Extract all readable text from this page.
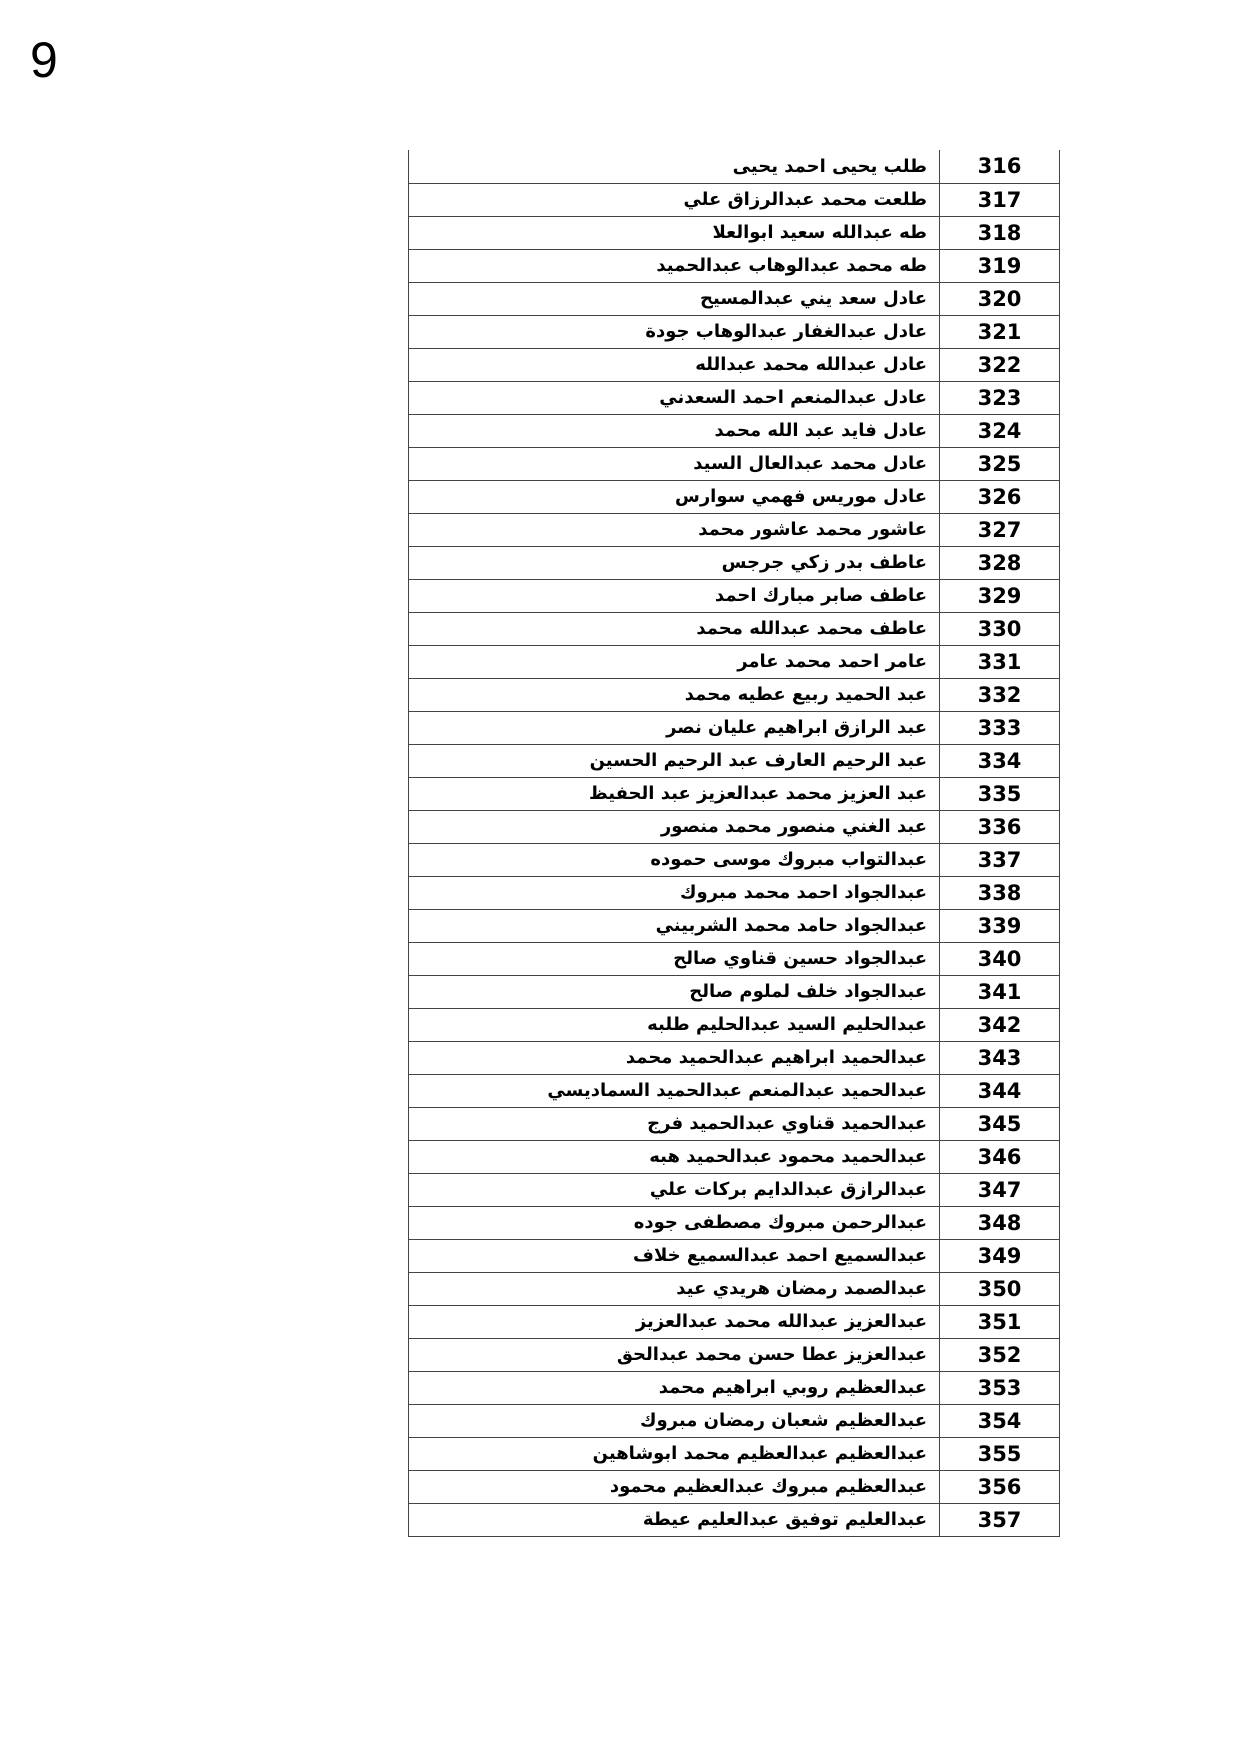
9
316	طلب يحيى احمد يحيى
317	طلعت محمد عبدالرزاق علي
318	طه عبدالله سعيد ابوالعلا
319	طه محمد عبدالوهاب عبدالحميد
320	عادل سعد يني عبدالمسيح
321	عادل عبدالغفار عبدالوهاب جودة
322	عادل عبدالله محمد عبدالله
323	عادل عبدالمنعم احمد السعدني
324	عادل فايد عبد الله محمد
325	عادل محمد عبدالعال السيد
326	عادل موريس فهمي سوارس
327	عاشور محمد عاشور محمد
328	عاطف بدر زكي جرجس
329	عاطف صابر مبارك احمد
330	عاطف محمد عبدالله محمد
331	عامر احمد محمد عامر
332	عبد الحميد ربيع عطيه محمد
333	عبد الرازق ابراهيم عليان نصر
334	عبد الرحيم العارف عبد الرحيم الحسين
335	عبد العزيز محمد عبدالعزيز عبد الحفيظ
336	عبد الغني منصور محمد منصور
337	عبدالتواب مبروك موسى حموده
338	عبدالجواد احمد محمد مبروك
339	عبدالجواد حامد محمد الشربيني
340	عبدالجواد حسين قناوي صالح
341	عبدالجواد خلف لملوم صالح
342	عبدالحليم السيد عبدالحليم طلبه
343	عبدالحميد ابراهيم عبدالحميد محمد
344	عبدالحميد عبدالمنعم عبدالحميد السماديسي
345	عبدالحميد قناوي عبدالحميد فرج
346	عبدالحميد محمود عبدالحميد هبه
347	عبدالرازق عبدالدايم بركات علي
348	عبدالرحمن مبروك مصطفى جوده
349	عبدالسميع احمد عبدالسميع خلاف
350	عبدالصمد رمضان هريدي عيد
351	عبدالعزيز عبدالله محمد عبدالعزيز
352	عبدالعزيز عطا حسن محمد عبدالحق
353	عبدالعظيم روبي ابراهيم محمد
354	عبدالعظيم شعبان رمضان مبروك
355	عبدالعظيم عبدالعظيم محمد ابوشاهين
356	عبدالعظيم مبروك عبدالعظيم محمود
357	عبدالعليم توفيق عبدالعليم عيطة
